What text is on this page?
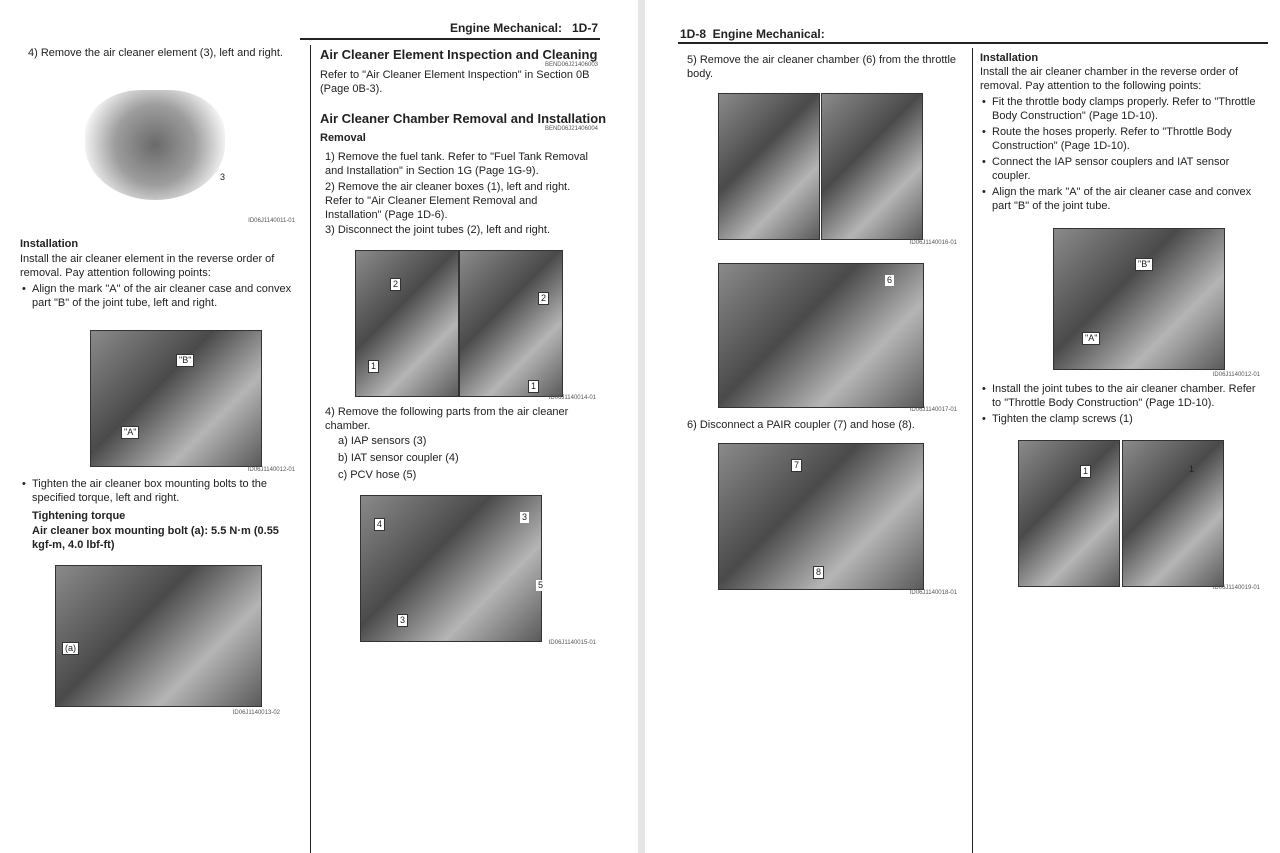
Engine Mechanical:   1D-7
4) Remove the air cleaner element (3), left and right.
3
ID06J1140011-01
Installation
Install the air cleaner element in the reverse order of removal. Pay attention following points:
• Align the mark "A" of the air cleaner case and convex part "B" of the joint tube, left and right.
"B"
"A"
ID06J1140012-01
• Tighten the air cleaner box mounting bolts to the specified torque, left and right.
Tightening torque
Air cleaner box mounting bolt (a): 5.5 N·m (0.55 kgf-m, 4.0 lbf-ft)
(a)
ID06J1140013-02
Air Cleaner Element Inspection and Cleaning
BEND06J21406003
Refer to "Air Cleaner Element Inspection" in Section 0B (Page 0B-3).
Air Cleaner Chamber Removal and Installation
BEND06J21406004
Removal
1) Remove the fuel tank. Refer to "Fuel Tank Removal and Installation" in Section 1G (Page 1G-9).
2) Remove the air cleaner boxes (1), left and right. Refer to "Air Cleaner Element Removal and Installation" (Page 1D-6).
3) Disconnect the joint tubes (2), left and right.
2
2
1
1
ID06J1140014-01
4) Remove the following parts from the air cleaner chamber.
a) IAP sensors (3)
b) IAT sensor coupler (4)
c) PCV hose (5)
4
3
5
3
ID06J1140015-01
1D-8  Engine Mechanical:
5) Remove the air cleaner chamber (6) from the throttle body.
ID06J1140016-01
6
ID06J1140017-01
6) Disconnect a PAIR coupler (7) and hose (8).
7
8
ID06J1140018-01
Installation
Install the air cleaner chamber in the reverse order of removal. Pay attention to the following points:
• Fit the throttle body clamps properly. Refer to "Throttle Body Construction" (Page 1D-10).
• Route the hoses properly. Refer to "Throttle Body Construction" (Page 1D-10).
• Connect the IAP sensor couplers and IAT sensor coupler.
• Align the mark "A" of the air cleaner case and convex part "B" of the joint tube.
"B"
"A"
ID06J1140012-01
• Install the joint tubes to the air cleaner chamber. Refer to "Throttle Body Construction" (Page 1D-10).
• Tighten the clamp screws (1)
1	1
ID06J1140019-01
